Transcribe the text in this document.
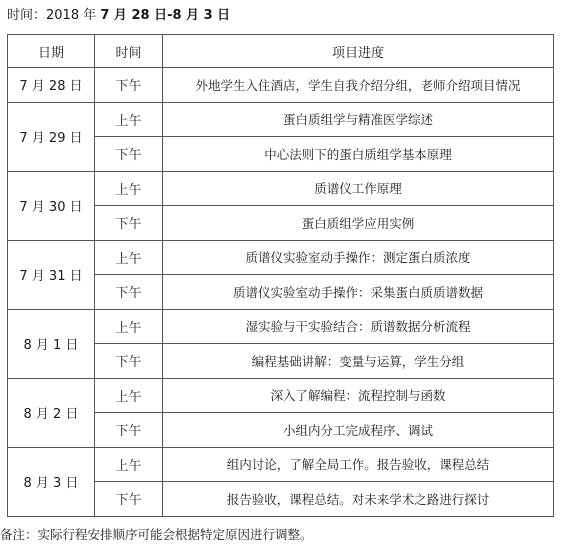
时间：2018 年 7 月 28 日-8 月 3 日
日期	时间	项目进度
7 月 28 日	下午	外地学生入住酒店，学生自我介绍分组，老师介绍项目情况
7 月 29 日	上午	蛋白质组学与精准医学综述
	下午	中心法则下的蛋白质组学基本原理
7 月 30 日	上午	质谱仪工作原理
	下午	蛋白质组学应用实例
7 月 31 日	上午	质谱仪实验室动手操作：测定蛋白质浓度
	下午	质谱仪实验室动手操作：采集蛋白质质谱数据
8 月 1 日	上午	湿实验与干实验结合：质谱数据分析流程
	下午	编程基础讲解：变量与运算，学生分组
8 月 2 日	上午	深入了解编程：流程控制与函数
	下午	小组内分工完成程序、调试
8 月 3 日	上午	组内讨论，了解全局工作。报告验收，课程总结
	下午	报告验收，课程总结。对未来学术之路进行探讨
备注：实际行程安排顺序可能会根据特定原因进行调整。
